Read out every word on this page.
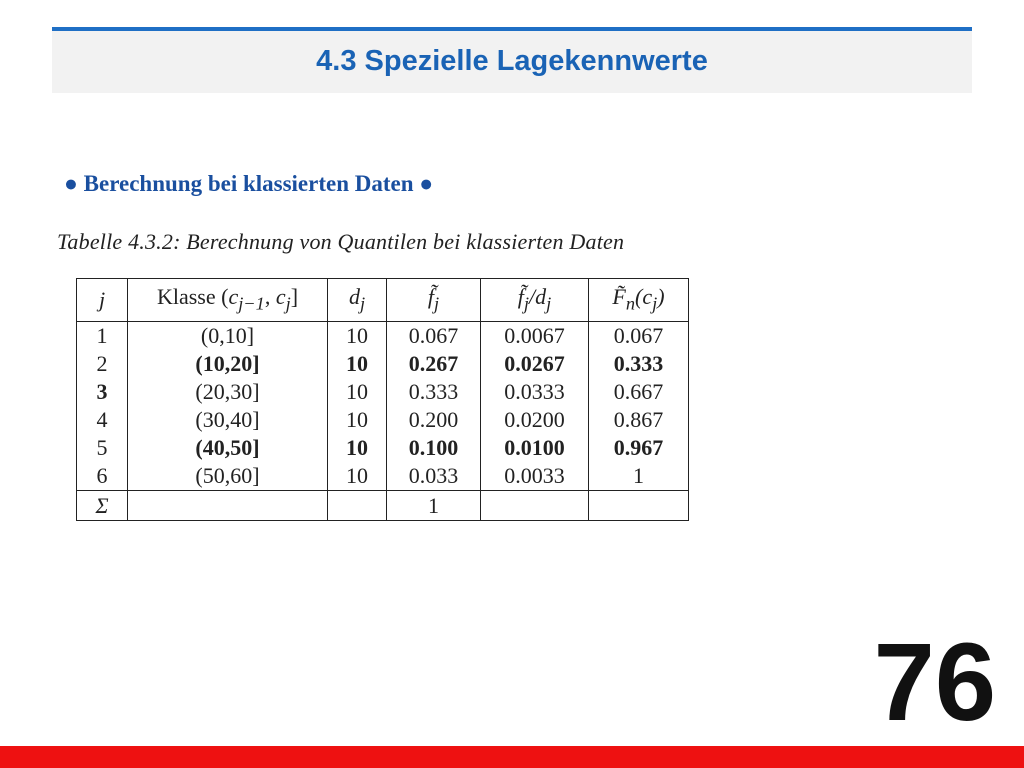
4.3 Spezielle Lagekennwerte
● Berechnung bei klassierten Daten ●
Tabelle 4.3.2: Berechnung von Quantilen bei klassierten Daten
j	Klasse ($c_{j-1}$, $c_j$]	$d_j$	$f̃_j$	$f̃_j/d_j$	$F̃_n(c_j)$
1	(0,10]	10	0.067	0.0067	0.067
2	(10,20]	10	0.267	0.0267	0.333
3	(20,30]	10	0.333	0.0333	0.667
4	(30,40]	10	0.200	0.0200	0.867
5	(40,50]	10	0.100	0.0100	0.967
6	(50,60]	10	0.033	0.0033	1
Σ			1		
76
